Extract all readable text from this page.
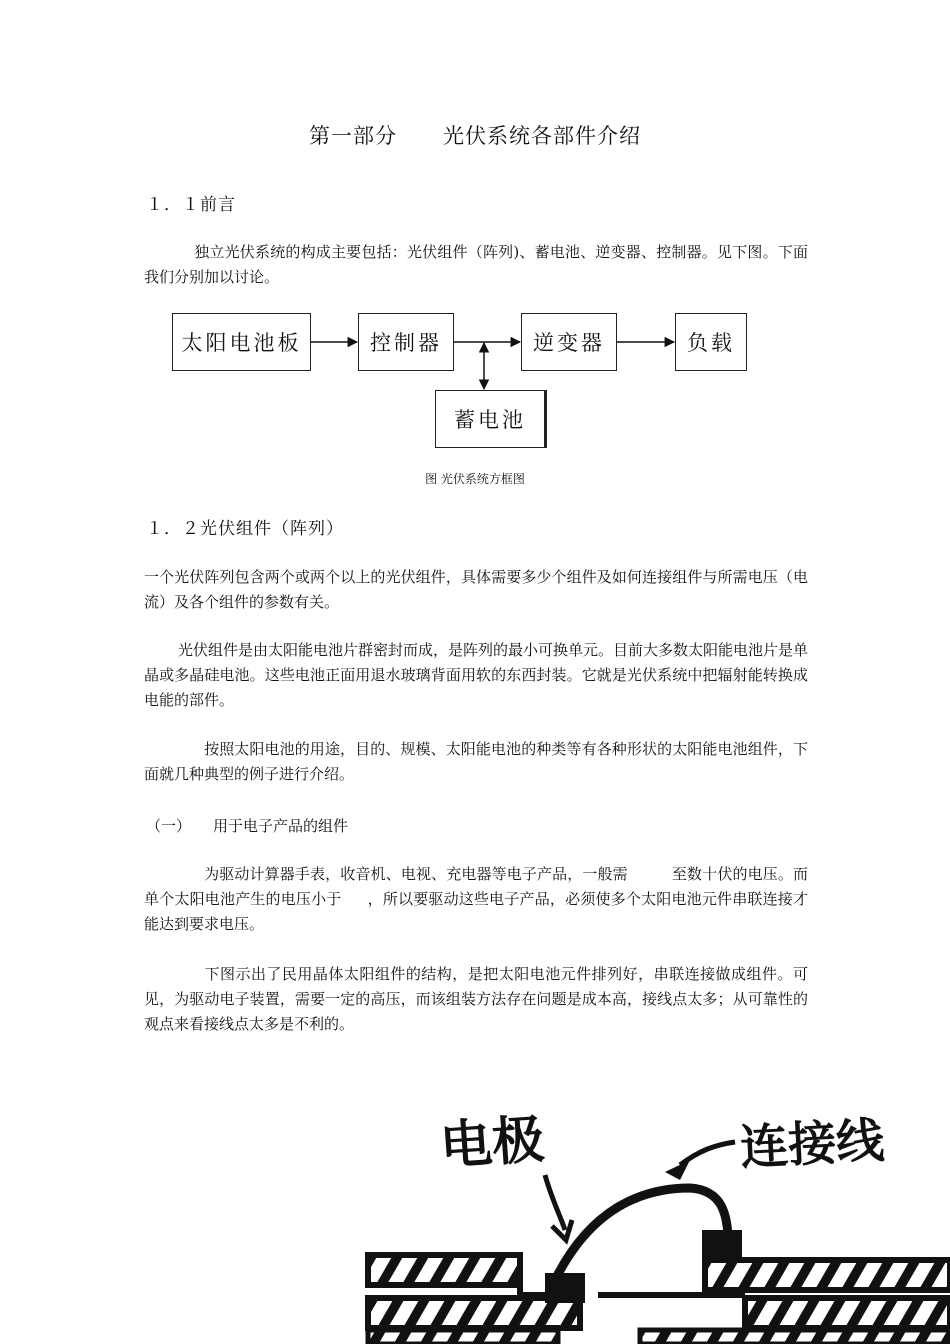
第一部分 光伏系统各部件介绍
１．１前言
独立光伏系统的构成主要包括：光伏组件（阵列)、蓄电池、逆变器、控制器。见下图。下面我们分别加以讨论。
太阳电池板	控制器	逆变器	负载
蓄电池
图 光伏系统方框图
１．２光伏组件（阵列）
一个光伏阵列包含两个或两个以上的光伏组件，具体需要多少个组件及如何连接组件与所需电压（电流）及各个组件的参数有关。
光伏组件是由太阳能电池片群密封而成，是阵列的最小可换单元。目前大多数太阳能电池片是单晶或多晶硅电池。这些电池正面用退水玻璃背面用软的东西封装。它就是光伏系统中把辐射能转换成电能的部件。
按照太阳电池的用途，目的、规模、太阳能电池的种类等有各种形状的太阳能电池组件，下面就几种典型的例子进行介绍。
（一） 用于电子产品的组件
为驱动计算器手表，收音机、电视、充电器等电子产品，一般需	至数十伏的电压。而单个太阳电池产生的电压小于 ，所以要驱动这些电子产品，必须使多个太阳电池元件串联连接才能达到要求电压。
下图示出了民用晶体太阳组件的结构，是把太阳电池元件排列好，串联连接做成组件。可见，为驱动电子装置，需要一定的高压，而该组装方法存在问题是成本高，接线点太多；从可靠性的观点来看接线点太多是不利的。
电极	连接线
